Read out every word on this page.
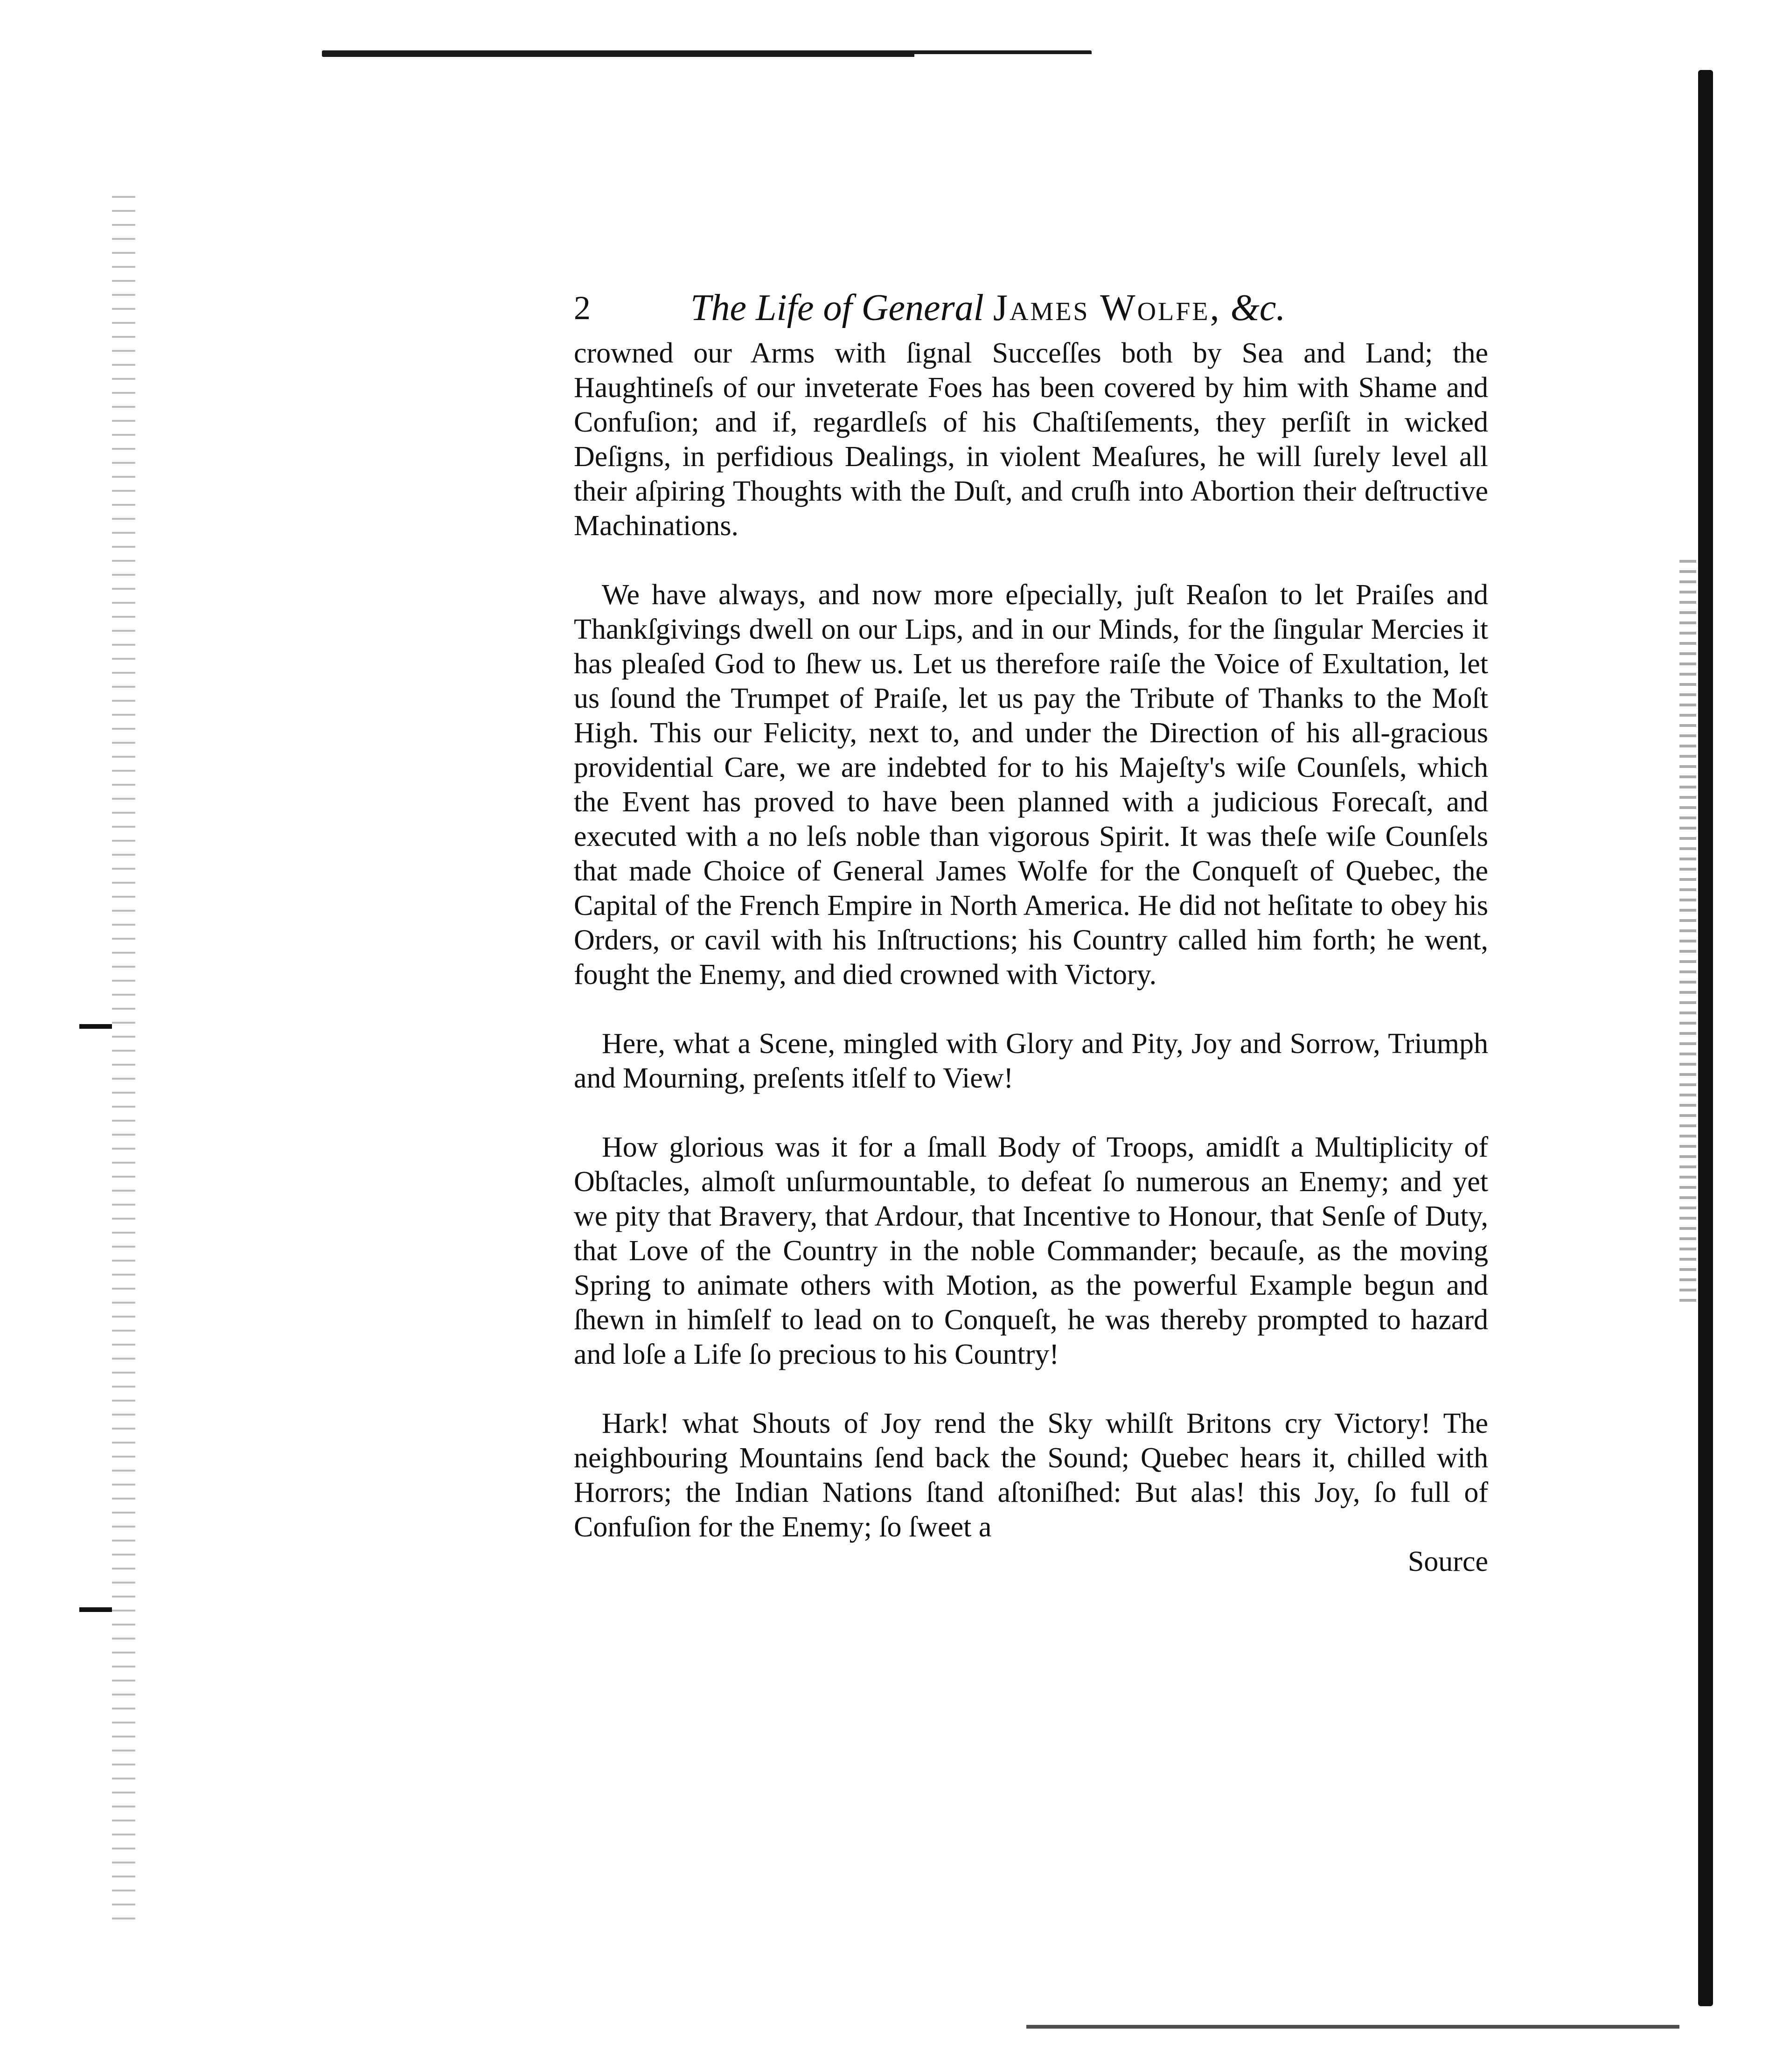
2	The Life of General James Wolfe, &c.

crowned our Arms with ſignal Succeſſes both by Sea and Land; the Haughtineſs of our inveterate Foes has been covered by him with Shame and Confuſion; and if, regardleſs of his Chaſtiſements, they perſiſt in wicked Deſigns, in perfidious Dealings, in violent Meaſures, he will ſurely level all their aſpiring Thoughts with the Duſt, and cruſh into Abortion their deſtructive Machinations.

We have always, and now more eſpecially, juſt Reaſon to let Praiſes and Thankſgivings dwell on our Lips, and in our Minds, for the ſingular Mercies it has pleaſed God to ſhew us. Let us therefore raiſe the Voice of Exultation, let us ſound the Trumpet of Praiſe, let us pay the Tribute of Thanks to the Moſt High. This our Felicity, next to, and under the Direction of his all-gracious providential Care, we are indebted for to his Majeſty's wiſe Counſels, which the Event has proved to have been planned with a judicious Forecaſt, and executed with a no leſs noble than vigorous Spirit. It was theſe wiſe Counſels that made Choice of General James Wolfe for the Conqueſt of Quebec, the Capital of the French Empire in North America. He did not heſitate to obey his Orders, or cavil with his Inſtructions; his Country called him forth; he went, fought the Enemy, and died crowned with Victory.

Here, what a Scene, mingled with Glory and Pity, Joy and Sorrow, Triumph and Mourning, preſents itſelf to View!

How glorious was it for a ſmall Body of Troops, amidſt a Multiplicity of Obſtacles, almoſt unſurmountable, to defeat ſo numerous an Enemy; and yet we pity that Bravery, that Ardour, that Incentive to Honour, that Senſe of Duty, that Love of the Country in the noble Commander; becauſe, as the moving Spring to animate others with Motion, as the powerful Example begun and ſhewn in himſelf to lead on to Conqueſt, he was thereby prompted to hazard and loſe a Life ſo precious to his Country!

Hark! what Shouts of Joy rend the Sky whilſt Britons cry Victory! The neighbouring Mountains ſend back the Sound; Quebec hears it, chilled with Horrors; the Indian Nations ſtand aſtoniſhed: But alas! this Joy, ſo full of Confuſion for the Enemy; ſo ſweet a

Source
